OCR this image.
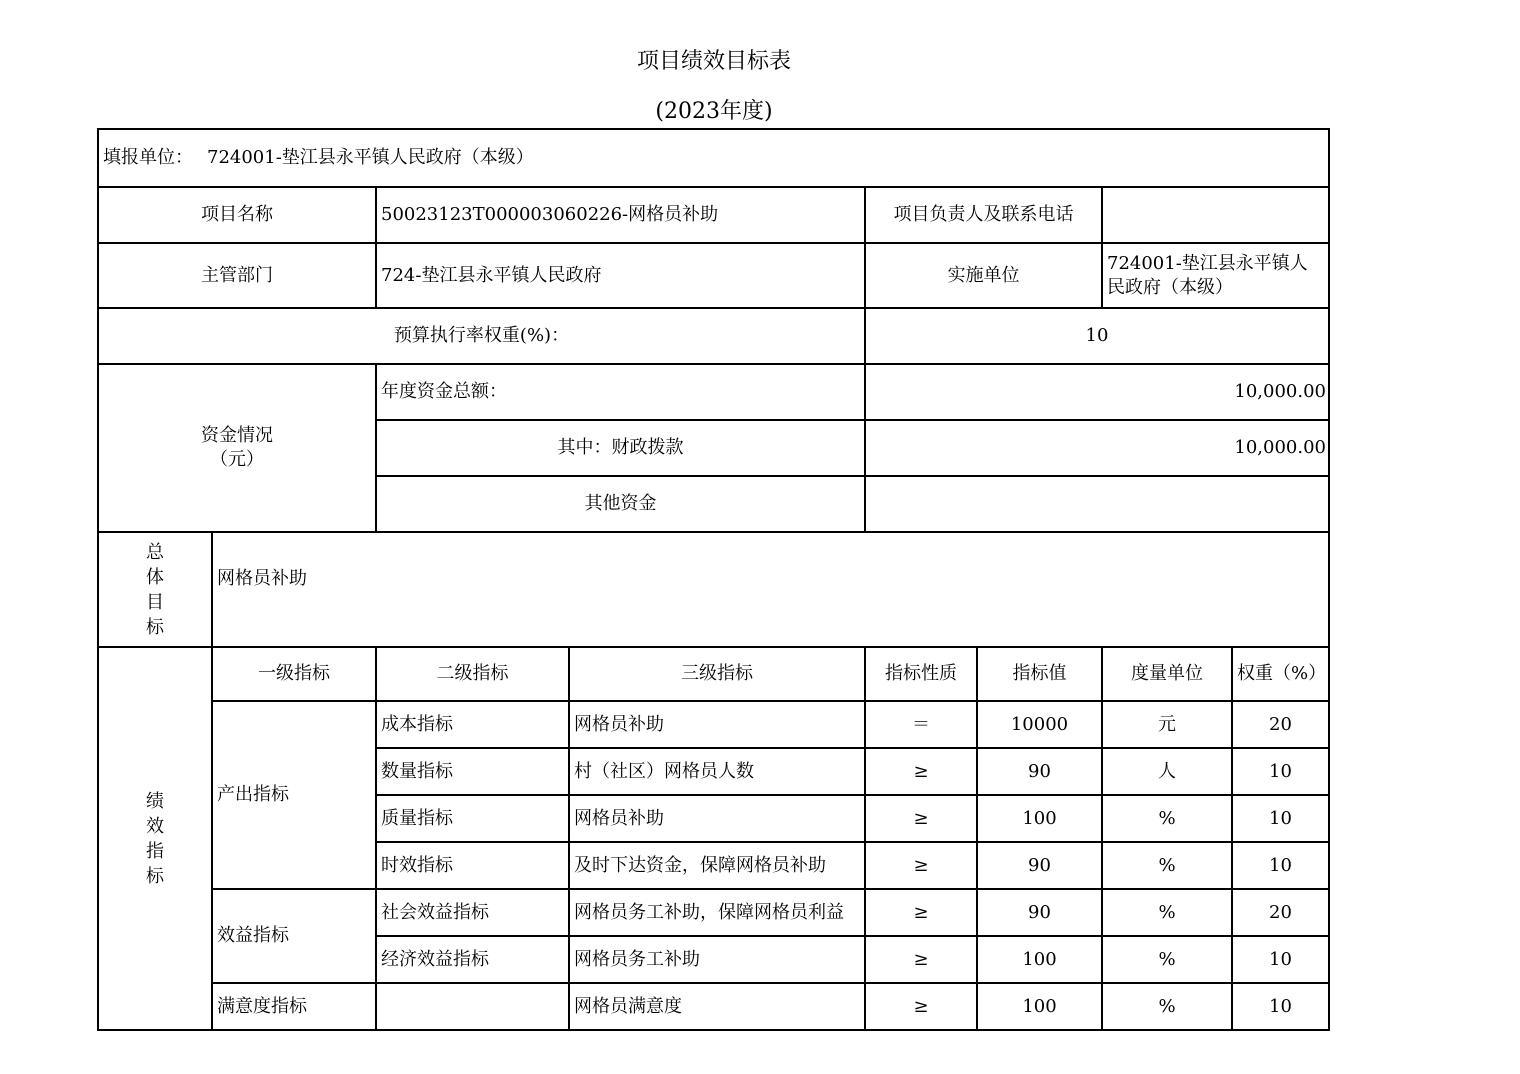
项目绩效目标表
(2023年度)
填报单位： 724001-垫江县永平镇人民政府（本级）							
项目名称		50023123T000003060226-网格员补助		项目负责人及联系电话			
主管部门		724-垫江县永平镇人民政府		实施单位		724001-垫江县永平镇人民政府（本级）	
预算执行率权重(%)：				10			

资金情况
（元）		年度资金总额：		10,000.00			
		其中：财政拨款		10,000.00			
		其他资金					

总
体
目
标	网格员补助						

绩
效
指
标	一级指标	二级指标	三级指标	指标性质	指标值	度量单位	权重（%）
	产出指标	成本指标	网格员补助	＝	10000	元	20
		数量指标	村（社区）网格员人数	≥	90	人	10
		质量指标	网格员补助	≥	100	%	10
		时效指标	及时下达资金，保障网格员补助	≥	90	%	10
	效益指标	社会效益指标	网格员务工补助，保障网格员利益	≥	90	%	20
		经济效益指标	网格员务工补助	≥	100	%	10
	满意度指标		网格员满意度	≥	100	%	10
